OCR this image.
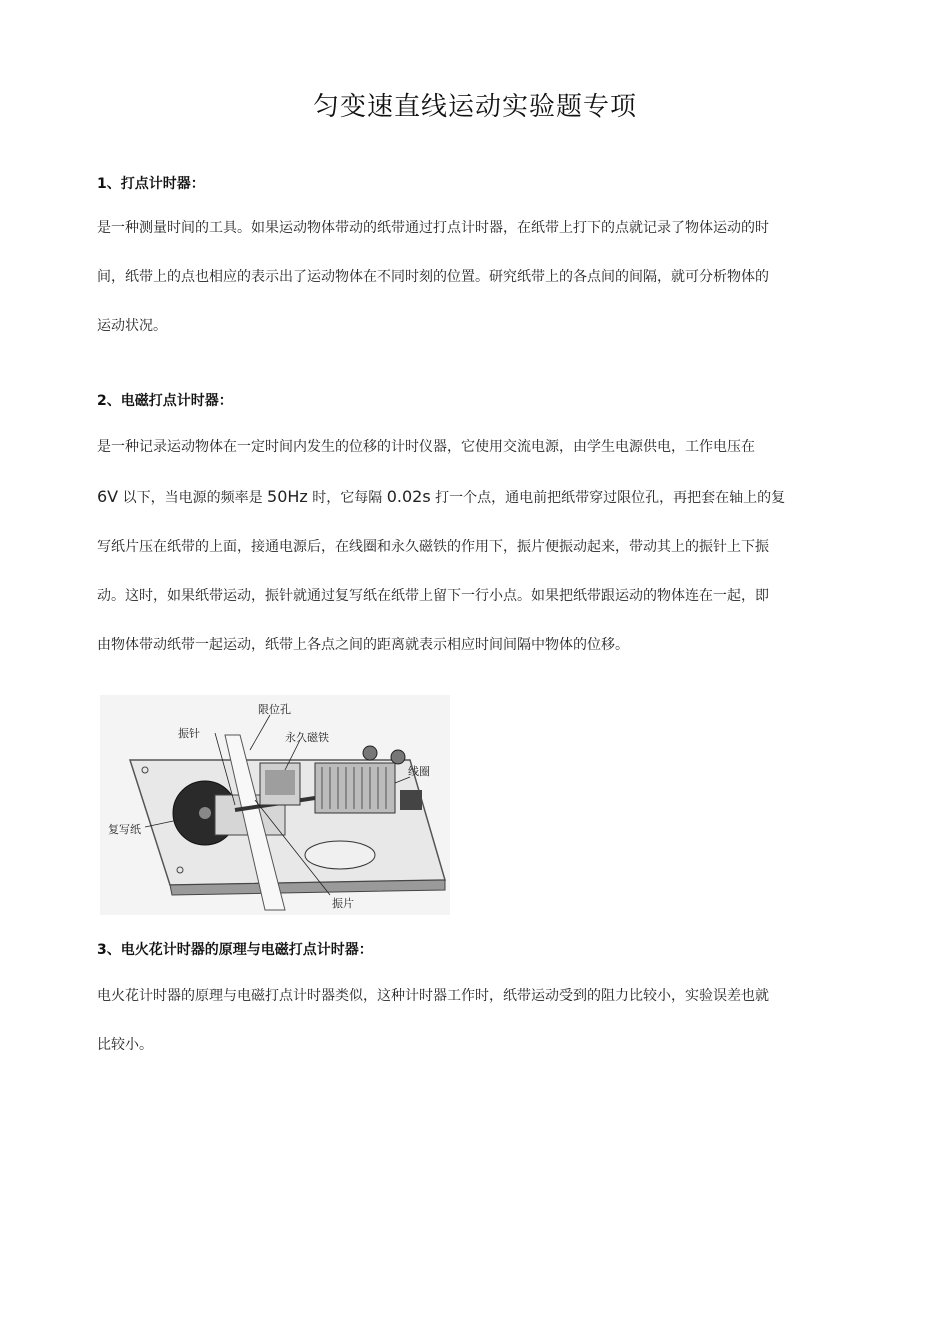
匀变速直线运动实验题专项
1、打点计时器：
是一种测量时间的工具。如果运动物体带动的纸带通过打点计时器，在纸带上打下的点就记录了物体运动的时
间，纸带上的点也相应的表示出了运动物体在不同时刻的位置。研究纸带上的各点间的间隔，就可分析物体的
运动状况。
2、电磁打点计时器：
是一种记录运动物体在一定时间内发生的位移的计时仪器，它使用交流电源，由学生电源供电，工作电压在
6V 以下，当电源的频率是 50Hz 时，它每隔 0.02s 打一个点，通电前把纸带穿过限位孔，再把套在轴上的复
写纸片压在纸带的上面，接通电源后，在线圈和永久磁铁的作用下，振片便振动起来，带动其上的振针上下振
动。这时，如果纸带运动，振针就通过复写纸在纸带上留下一行小点。如果把纸带跟运动的物体连在一起，即
由物体带动纸带一起运动，纸带上各点之间的距离就表示相应时间间隔中物体的位移。
限位孔
振针	永久磁铁
线圈
复写纸
振片
3、电火花计时器的原理与电磁打点计时器：
电火花计时器的原理与电磁打点计时器类似，这种计时器工作时，纸带运动受到的阻力比较小，实验误差也就
比较小。
